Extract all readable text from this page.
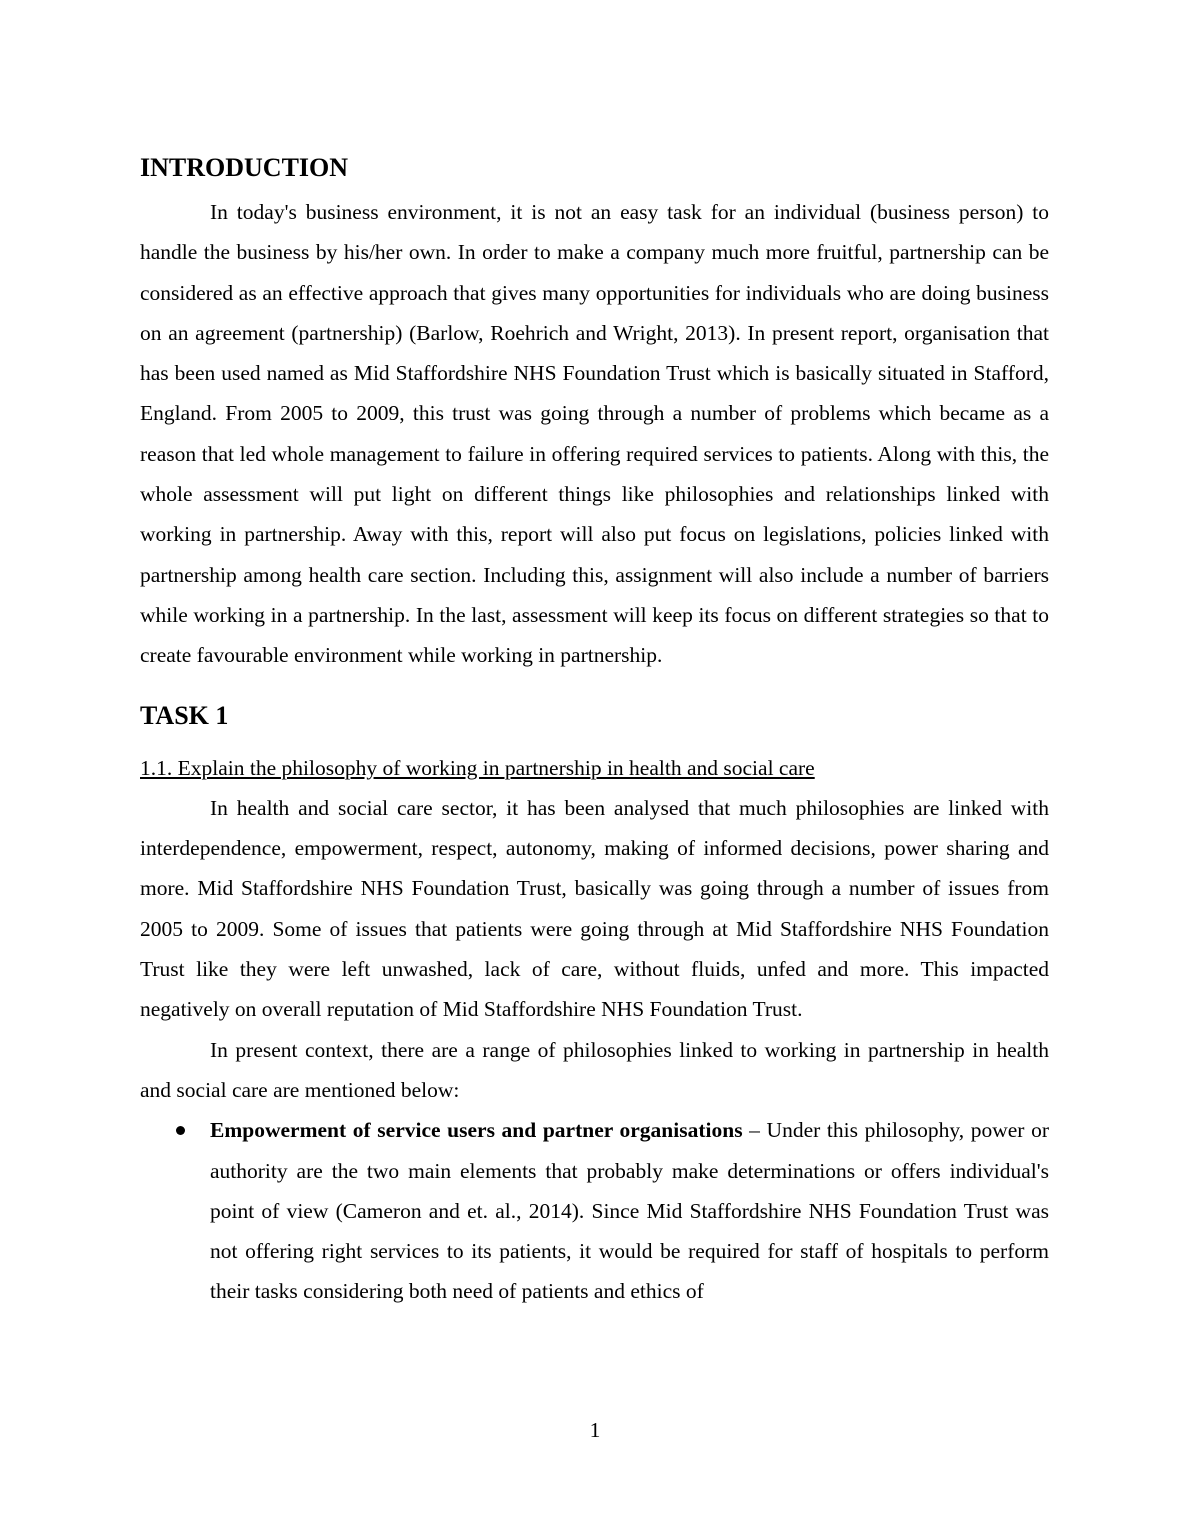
INTRODUCTION

In today's business environment, it is not an easy task for an individual (business person) to handle the business by his/her own. In order to make a company much more fruitful, partnership can be considered as an effective approach that gives many opportunities for individuals who are doing business on an agreement (partnership) (Barlow, Roehrich and Wright, 2013). In present report, organisation that has been used named as Mid Staffordshire NHS Foundation Trust which is basically situated in Stafford, England. From 2005 to 2009, this trust was going through a number of problems which became as a reason that led whole management to failure in offering required services to patients. Along with this, the whole assessment will put light on different things like philosophies and relationships linked with working in partnership. Away with this, report will also put focus on legislations, policies linked with partnership among health care section. Including this, assignment will also include a number of barriers while working in a partnership. In the last, assessment will keep its focus on different strategies so that to create favourable environment while working in partnership.

TASK 1

1.1. Explain the philosophy of working in partnership in health and social care

In health and social care sector, it has been analysed that much philosophies are linked with interdependence, empowerment, respect, autonomy, making of informed decisions, power sharing and more. Mid Staffordshire NHS Foundation Trust, basically was going through a number of issues from 2005 to 2009. Some of issues that patients were going through at Mid Staffordshire NHS Foundation Trust like they were left unwashed, lack of care, without fluids, unfed and more. This impacted negatively on overall reputation of Mid Staffordshire NHS Foundation Trust.

In present context, there are a range of philosophies linked to working in partnership in health and social care are mentioned below:

Empowerment of service users and partner organisations – Under this philosophy, power or authority are the two main elements that probably make determinations or offers individual's point of view (Cameron and et. al., 2014). Since Mid Staffordshire NHS Foundation Trust was not offering right services to its patients, it would be required for staff of hospitals to perform their tasks considering both need of patients and ethics of
1
